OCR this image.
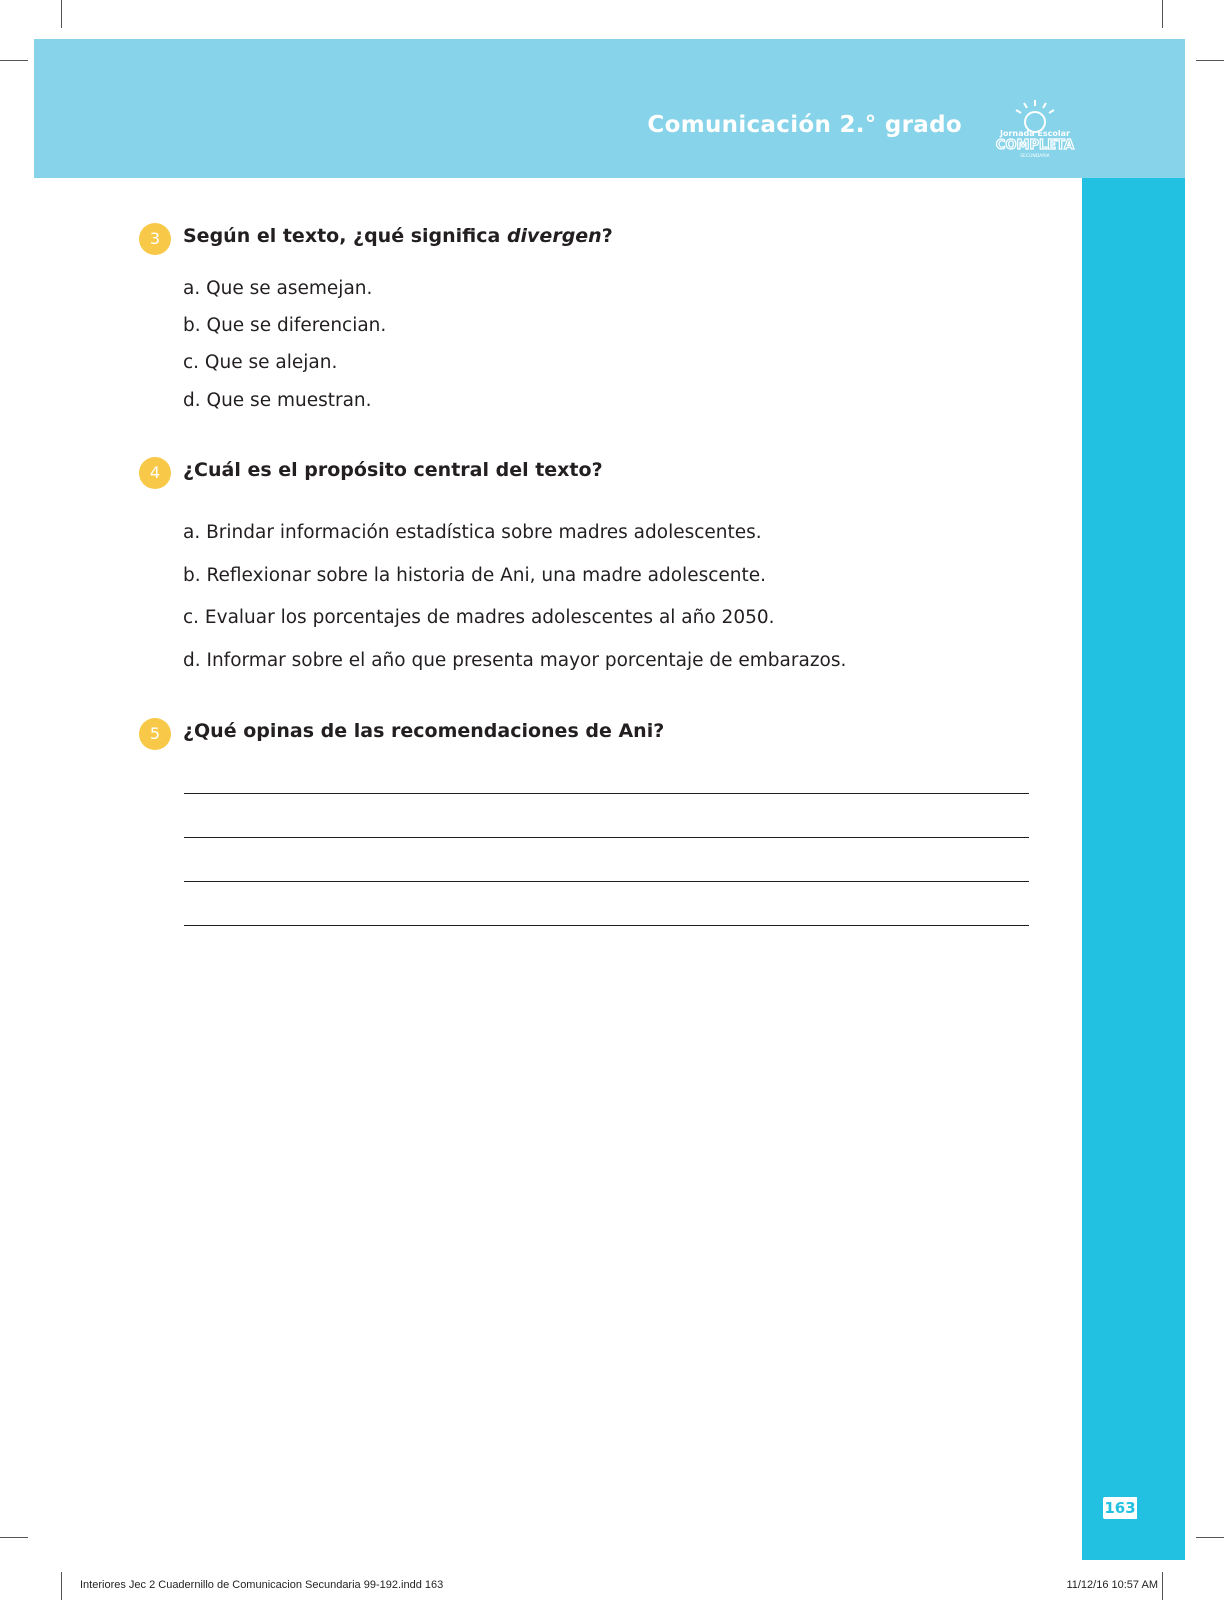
Comunicación 2.° grado	Jornada Escolar
COMPLETA
SECUNDARIA
163
3	Según el texto, ¿qué significa divergen?
a. Que se asemejan.
b. Que se diferencian.
c. Que se alejan.
d. Que se muestran.
4	¿Cuál es el propósito central del texto?
a. Brindar información estadística sobre madres adolescentes.
b. Reflexionar sobre la historia de Ani, una madre adolescente.
c. Evaluar los porcentajes de madres adolescentes al año 2050.
d. Informar sobre el año que presenta mayor porcentaje de embarazos.
5	¿Qué opinas de las recomendaciones de Ani?
Interiores Jec 2 Cuadernillo de Comunicacion Secundaria 99-192.indd 163	11/12/16 10:57 AM
